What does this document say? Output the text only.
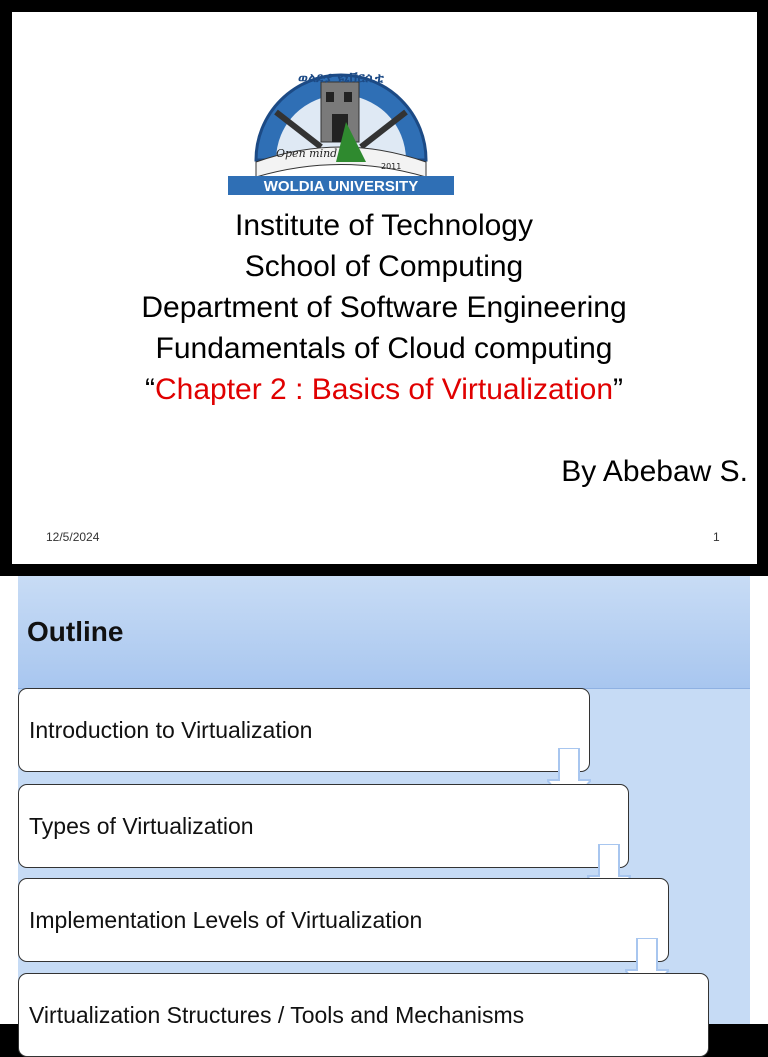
Open mind
2011
ወልድያ ዩኒቨርሲቲ
WOLDIA UNIVERSITY
Institute of Technology
School of Computing
Department of Software Engineering
Fundamentals of Cloud computing
“Chapter 2 : Basics of Virtualization”
By Abebaw S.
12/5/2024	1
Outline
Introduction to Virtualization
Types of Virtualization
Implementation Levels of Virtualization
Virtualization Structures / Tools and Mechanisms
